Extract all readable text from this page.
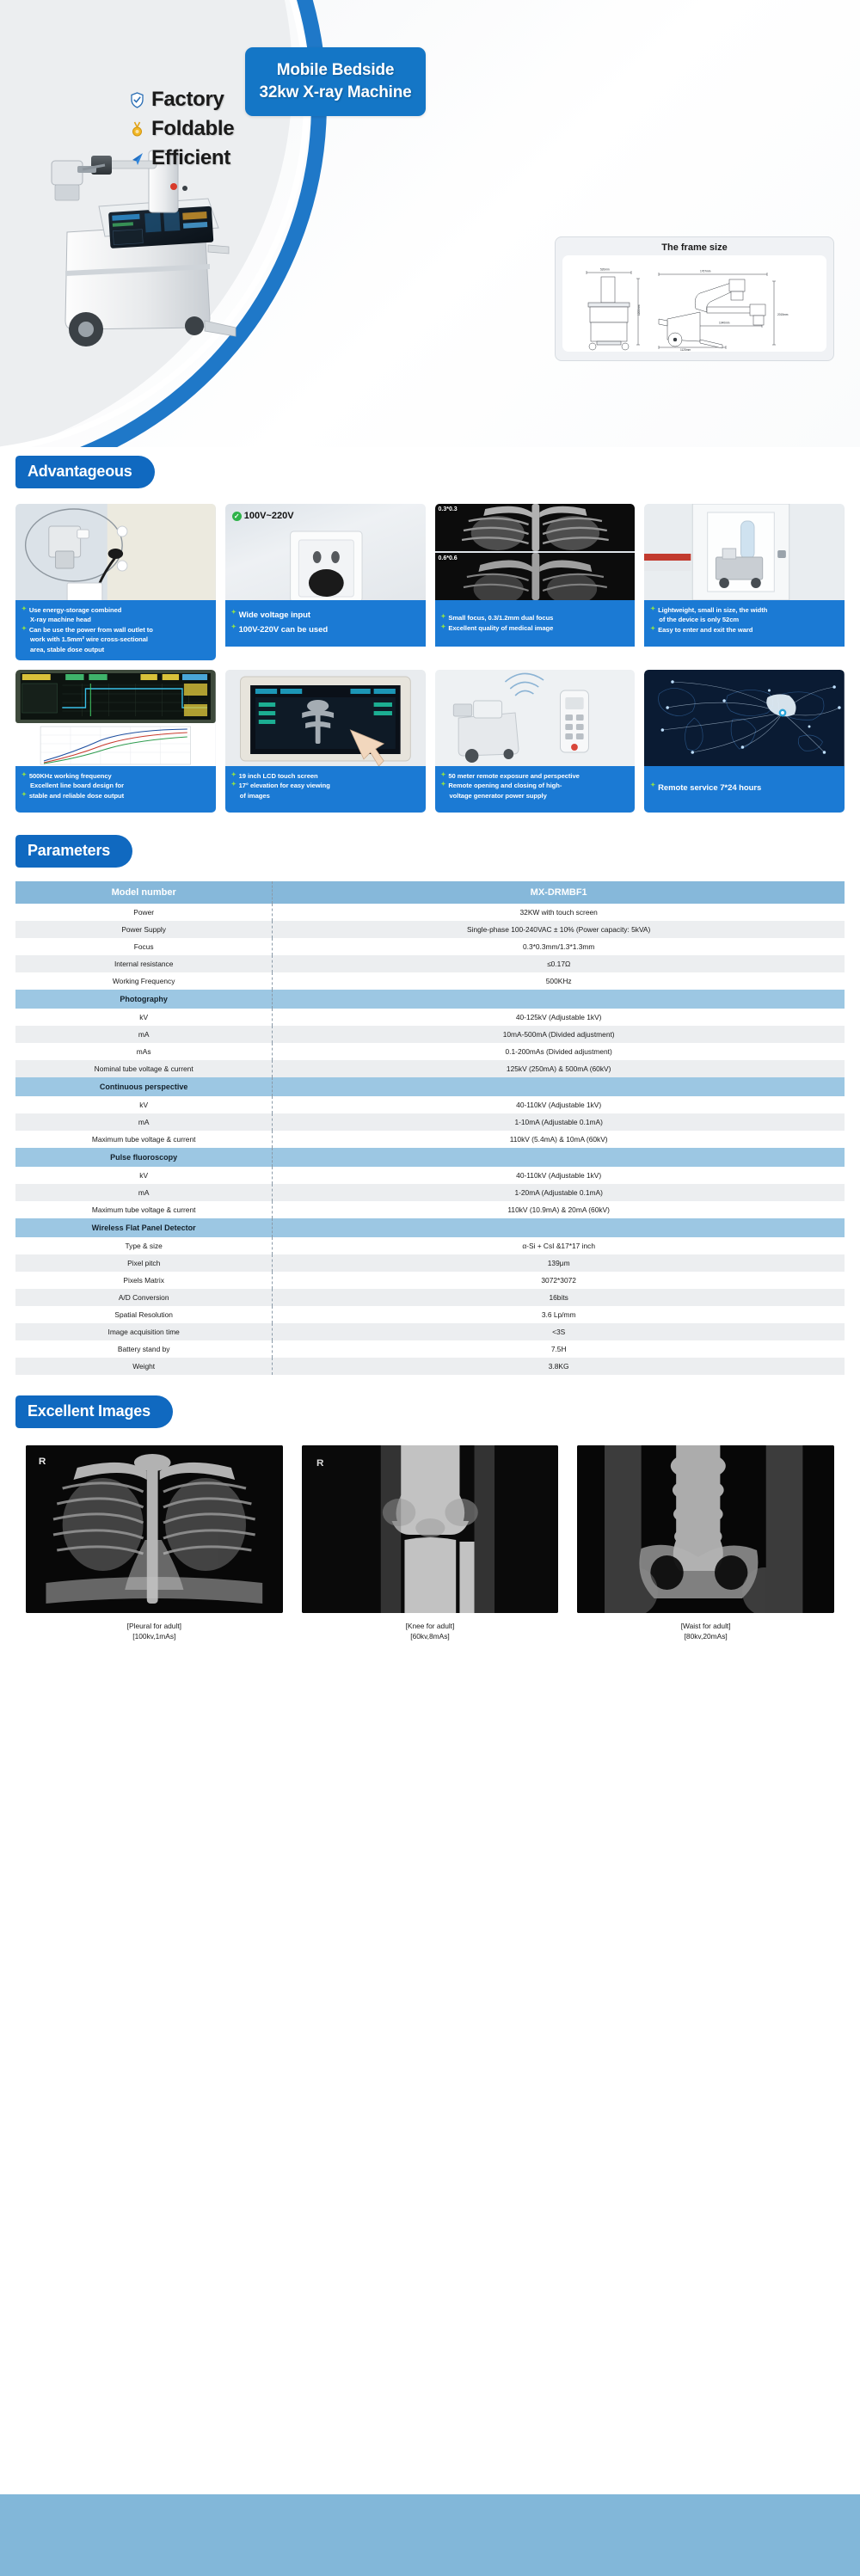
Factory
Foldable
Efficient
Mobile Bedside
32kw X-ray Machine
The frame size
520mm
1200mm
1767mm
2015mm
1040mm
1125mm
Advantageous
✦ Use energy-storage combined
X-ray machine head
✦ Can be use the power from wall outlet to
work with 1.5mm² wire cross-sectional
area, stable dose output
✓ 100V~220V
✦ Wide voltage input
✦ 100V-220V can be used
0.3*0.3
0.6*0.6
✦ Small focus, 0.3/1.2mm dual focus
✦ Excellent quality of medical image
✦ Lightweight, small in size, the width
of the device is only 52cm
✦ Easy to enter and exit the ward
✦ 500KHz working frequency
Excellent line board design for
✦ stable and reliable dose output
✦ 19 inch LCD touch screen
✦ 17° elevation for easy viewing
of images
✦ 50 meter remote exposure and perspective
✦ Remote opening and closing of high-
voltage generator power supply
✦ Remote service 7*24 hours
Parameters
Model number	MX-DRMBF1
Power	32KW with touch screen
Power Supply	Single-phase 100-240VAC ± 10% (Power capacity: 5kVA)
Focus	0.3*0.3mm/1.3*1.3mm
Internal resistance	≤0.17Ω
Working Frequency	500KHz
Photography	
kV	40-125kV (Adjustable 1kV)
mA	10mA-500mA (Divided adjustment)
mAs	0.1-200mAs (Divided adjustment)
Nominal tube voltage & current	125kV (250mA) & 500mA (60kV)
Continuous perspective	
kV	40-110kV (Adjustable 1kV)
mA	1-10mA (Adjustable 0.1mA)
Maximum tube voltage & current	110kV (5.4mA) & 10mA (60kV)
Pulse fluoroscopy	
kV	40-110kV (Adjustable 1kV)
mA	1-20mA (Adjustable 0.1mA)
Maximum tube voltage & current	110kV (10.9mA) & 20mA (60kV)
Wireless Flat Panel Detector	
Type & size	α-Si + CsI &17*17 inch
Pixel pitch	139μm
Pixels Matrix	3072*3072
A/D Conversion	16bits
Spatial Resolution	3.6 Lp/mm
Image acquisition time	<3S
Battery stand by	7.5H
Weight	3.8KG
Excellent Images
R
[Pleural for adult]
[100kv,1mAs]
R
[Knee for adult]
[60kv,8mAs]
[Waist for adult]
[80kv,20mAs]
